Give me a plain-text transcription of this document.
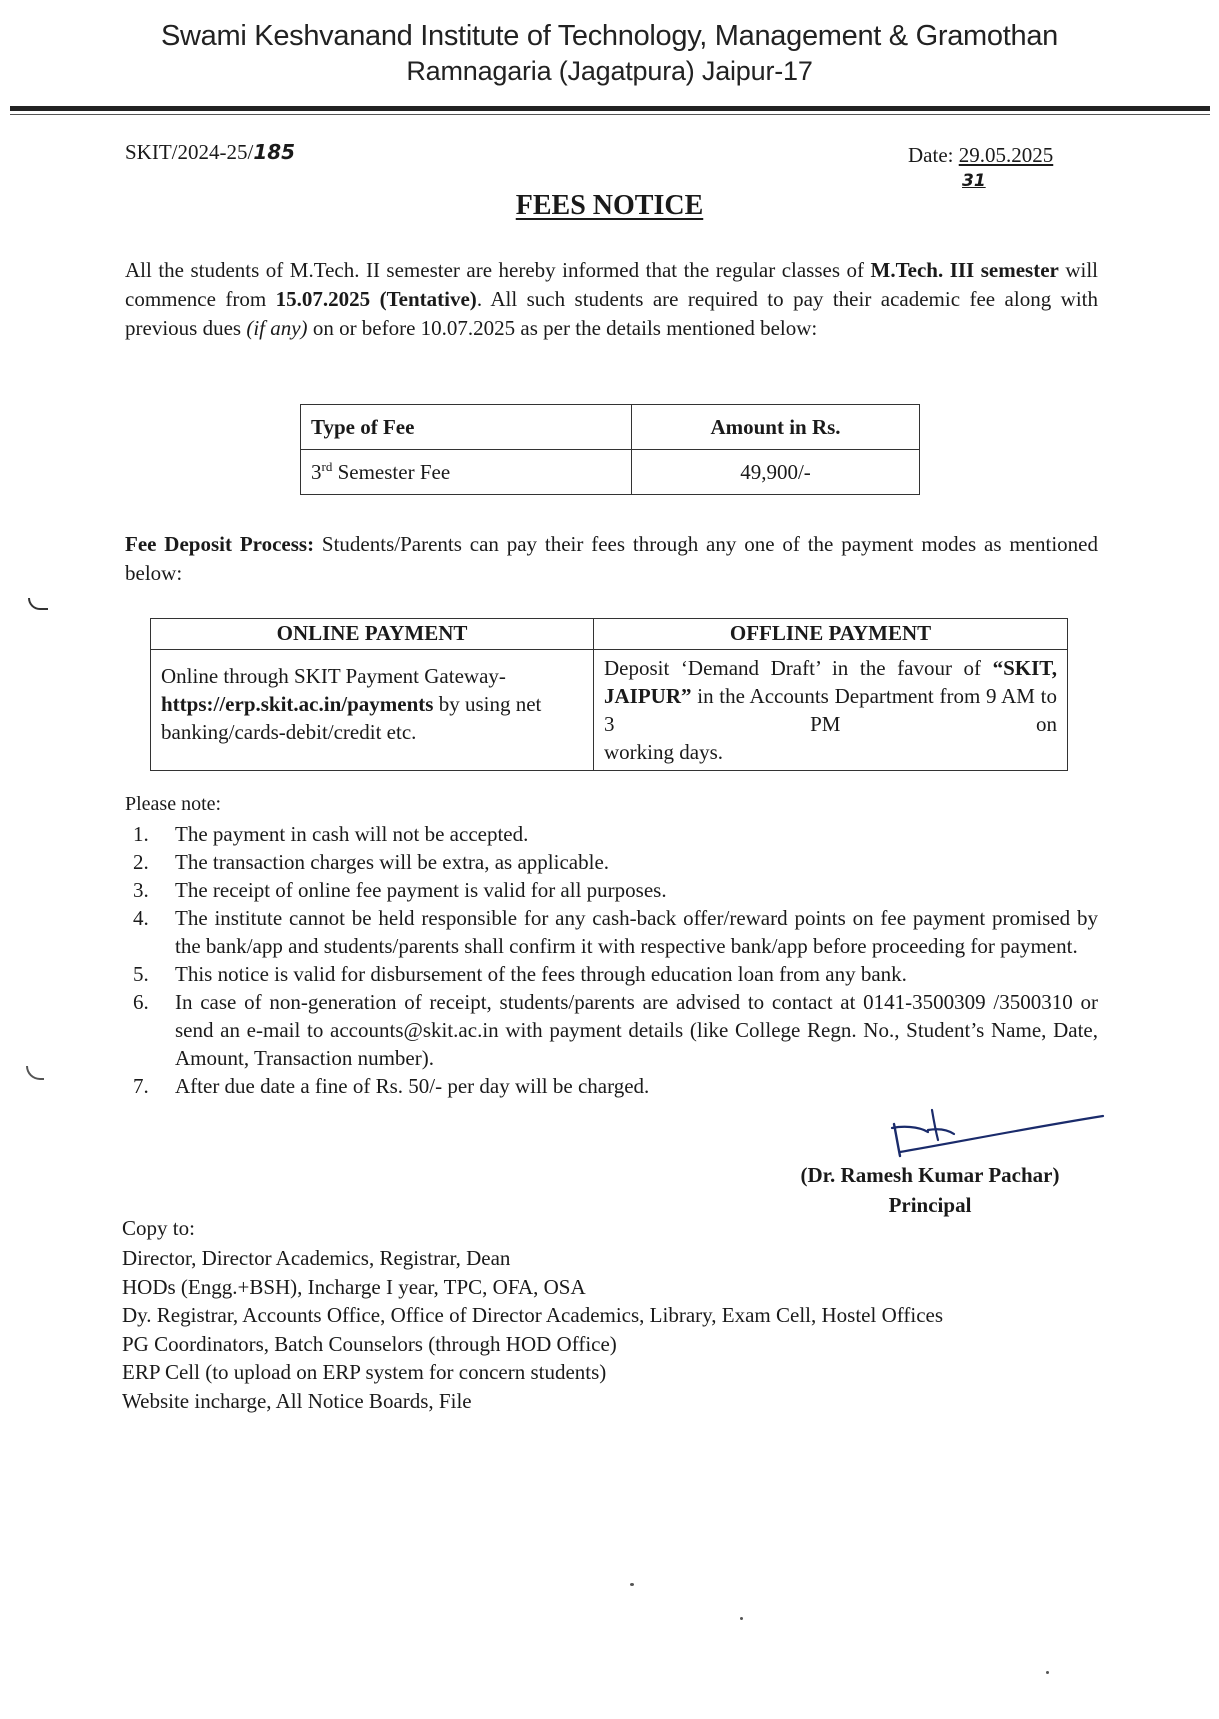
Swami Keshvanand Institute of Technology, Management & Gramothan
Ramnagaria (Jagatpura) Jaipur-17
SKIT/2024-25/185	Date: 29.05.2025
31
FEES NOTICE
All the students of M.Tech. II semester are hereby informed that the regular classes of M.Tech. III semester will commence from 15.07.2025 (Tentative). All such students are required to pay their academic fee along with previous dues (if any) on or before 10.07.2025 as per the details mentioned below:
Type of Fee	Amount in Rs.
3rd Semester Fee	49,900/-
Fee Deposit Process: Students/Parents can pay their fees through any one of the payment modes as mentioned below:
ONLINE PAYMENT	OFFLINE PAYMENT
Online through SKIT Payment Gateway- https://erp.skit.ac.in/payments by using net banking/cards-debit/credit etc.	Deposit ‘Demand Draft’ in the favour of “SKIT, JAIPUR” in the Accounts Department from 9 AM to 3 PM on
working days.
Please note:
1.	The payment in cash will not be accepted.
2.	The transaction charges will be extra, as applicable.
3.	The receipt of online fee payment is valid for all purposes.
4.	The institute cannot be held responsible for any cash-back offer/reward points on fee payment promised by the bank/app and students/parents shall confirm it with respective bank/app before proceeding for payment.
5.	This notice is valid for disbursement of the fees through education loan from any bank.
6.	In case of non-generation of receipt, students/parents are advised to contact at 0141-3500309 /3500310 or send an e-mail to accounts@skit.ac.in with payment details (like College Regn. No., Student’s Name, Date, Amount, Transaction number).
7.	After due date a fine of Rs. 50/- per day will be charged.
(Dr. Ramesh Kumar Pachar)
Principal
Copy to:
Director, Director Academics, Registrar, Dean
HODs (Engg.+BSH), Incharge I year, TPC, OFA, OSA
Dy. Registrar, Accounts Office, Office of Director Academics, Library, Exam Cell, Hostel Offices
PG Coordinators, Batch Counselors (through HOD Office)
ERP Cell (to upload on ERP system for concern students)
Website incharge, All Notice Boards, File
